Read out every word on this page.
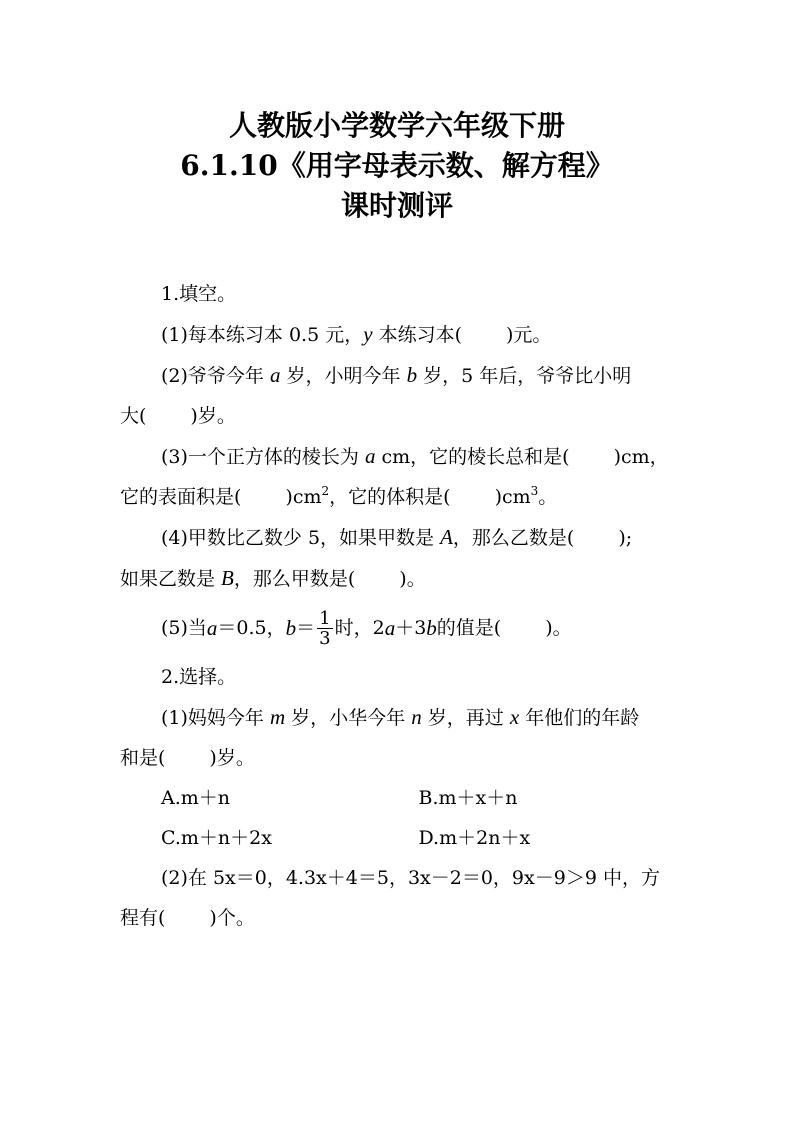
人教版小学数学六年级下册

6.1.10《用字母表示数、解方程》

课时测评

1.填空。

(1)每本练习本 0.5 元，y 本练习本( )元。

(2)爷爷今年 a 岁，小明今年 b 岁，5 年后，爷爷比小明

大( )岁。

(3)一个正方体的棱长为 a cm，它的棱长总和是( )cm，

它的表面积是( )$cm^2$，它的体积是( )$cm^3$。

(4)甲数比乙数少 5，如果甲数是 A，那么乙数是( );

如果乙数是 B，那么甲数是( )。

(5)当 a ＝0.5， $b = \frac{1}{3}$ 时，2 a ＋3 b 的值是( )。

2.选择。

(1)妈妈今年 m 岁，小华今年 n 岁，再过 x 年他们的年龄

和是( )岁。

A.m＋n	B.m＋x＋n
C.m＋n＋2x	D.m＋2n＋x

(2)在 5x＝0，4.3x＋4＝5，3x－2＝0，9x－9＞9 中，方

程有( )个。
